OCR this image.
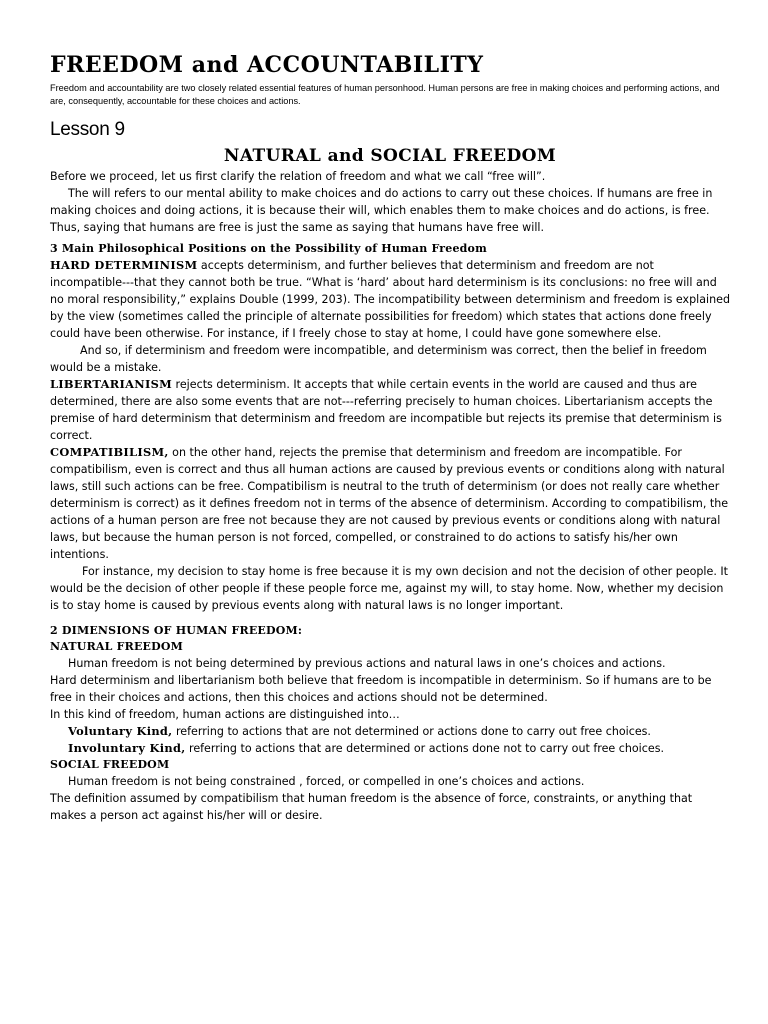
FREEDOM and ACCOUNTABILITY

Freedom and accountability are two closely related essential features of human personhood. Human persons are free in making choices and performing actions, and are, consequently, accountable for these choices and actions.

Lesson 9
NATURAL and SOCIAL FREEDOM

Before we proceed, let us first clarify the relation of freedom and what we call “free will”.

The will refers to our mental ability to make choices and do actions to carry out these choices. If humans are free in making choices and doing actions, it is because their will, which enables them to make choices and do actions, is free. Thus, saying that humans are free is just the same as saying that humans have free will.

3 Main Philosophical Positions on the Possibility of Human Freedom

HARD DETERMINISM accepts determinism, and further believes that determinism and freedom are not incompatible---that they cannot both be true. “What is ‘hard’ about hard determinism is its conclusions: no free will and no moral responsibility,” explains Double (1999, 203). The incompatibility between determinism and freedom is explained by the view (sometimes called the principle of alternate possibilities for freedom) which states that actions done freely could have been otherwise. For instance, if I freely chose to stay at home, I could have gone somewhere else.

And so, if determinism and freedom were incompatible, and determinism was correct, then the belief in freedom would be a mistake.

LIBERTARIANISM rejects determinism. It accepts that while certain events in the world are caused and thus are determined, there are also some events that are not---referring precisely to human choices. Libertarianism accepts the premise of hard determinism that determinism and freedom are incompatible but rejects its premise that determinism is correct.

COMPATIBILISM, on the other hand, rejects the premise that determinism and freedom are incompatible. For compatibilism, even is correct and thus all human actions are caused by previous events or conditions along with natural laws, still such actions can be free. Compatibilism is neutral to the truth of determinism (or does not really care whether determinism is correct) as it defines freedom not in terms of the absence of determinism. According to compatibilism, the actions of a human person are free not because they are not caused by previous events or conditions along with natural laws, but because the human person is not forced, compelled, or constrained to do actions to satisfy his/her own intentions.

For instance, my decision to stay home is free because it is my own decision and not the decision of other people. It would be the decision of other people if these people force me, against my will, to stay home. Now, whether my decision is to stay home is caused by previous events along with natural laws is no longer important.

2 DIMENSIONS OF HUMAN FREEDOM:

NATURAL FREEDOM

Human freedom is not being determined by previous actions and natural laws in one’s choices and actions.

Hard determinism and libertarianism both believe that freedom is incompatible in determinism. So if humans are to be free in their choices and actions, then this choices and actions should not be determined.

In this kind of freedom, human actions are distinguished into…

Voluntary Kind, referring to actions that are not determined or actions done to carry out free choices.

Involuntary Kind, referring to actions that are determined or actions done not to carry out free choices.

SOCIAL FREEDOM

Human freedom is not being constrained , forced, or compelled in one’s choices and actions.

The definition assumed by compatibilism that human freedom is the absence of force, constraints, or anything that makes a person act against his/her will or desire.
